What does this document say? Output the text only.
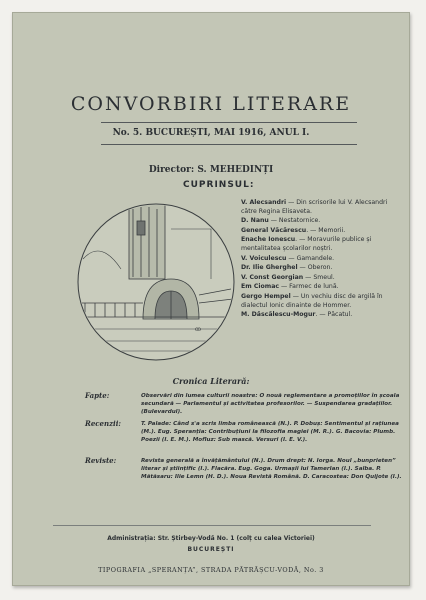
CONVORBIRI LITERARE
No. 5. BUCUREȘTI, MAI 1916, ANUL I.
Director: S. MEHEDINȚI
CUPRINSUL:
ꝏ
V. Alecsandri — Din scrisorile lui V. Alecsandri către Regina Elisaveta.
D. Nanu — Nestatornice.
General Văcărescu. — Memorii.
Enache Ionescu. — Moravurile publice și mentalitatea școlarilor noștri.
V. Voiculescu — Gamandele.
Dr. Ilie Gherghel — Oberon.
V. Const Georgian — Smeul.
Em Ciomac — Farmec de lună.
Gergo Hempel — Un vechiu disc de argilă în dialectul Ionic dinainte de Hommer.
M. Dăscălescu-Mogur. — Păcatul.
Cronica Literară:
Fapte:	Observări din lumea culturii noastre: O nouă reglementare a promoțiilor în școala secundară — Parlamentul și activitatea profesorilor. — Suspendarea gradațiilor. (Bulevardul).
Recenzii:	T. Palade: Când s'a scris limba românească (N.). P. Dobuș: Sentimentul și rațiunea (M.). Eug. Speranția: Contribuțiuni la filozofia magiei (M. R.). G. Bacovia: Plumb. Poezii (I. E. M.). Mofluz: Sub mască. Versuri (I. E. V.).
Reviste:	Revista generală a învățământului (N.). Drum drept: N. Iorga. Noul „bunprieten” literar și științific (I.). Flacăra. Eug. Goga. Urmașii lui Tamerlan (I.). Salba. P. Mătăsaru: Ilie Lemn (H. D.). Noua Revistă Română. D. Caracostea: Don Quijote (I.).
Administrația: Str. Știrbey-Vodă No. 1 (colț cu calea Victoriei)
BUCUREȘTI
TIPOGRAFIA „SPERANȚA”, STRADA PĂTRĂȘCU-VODĂ, No. 3
